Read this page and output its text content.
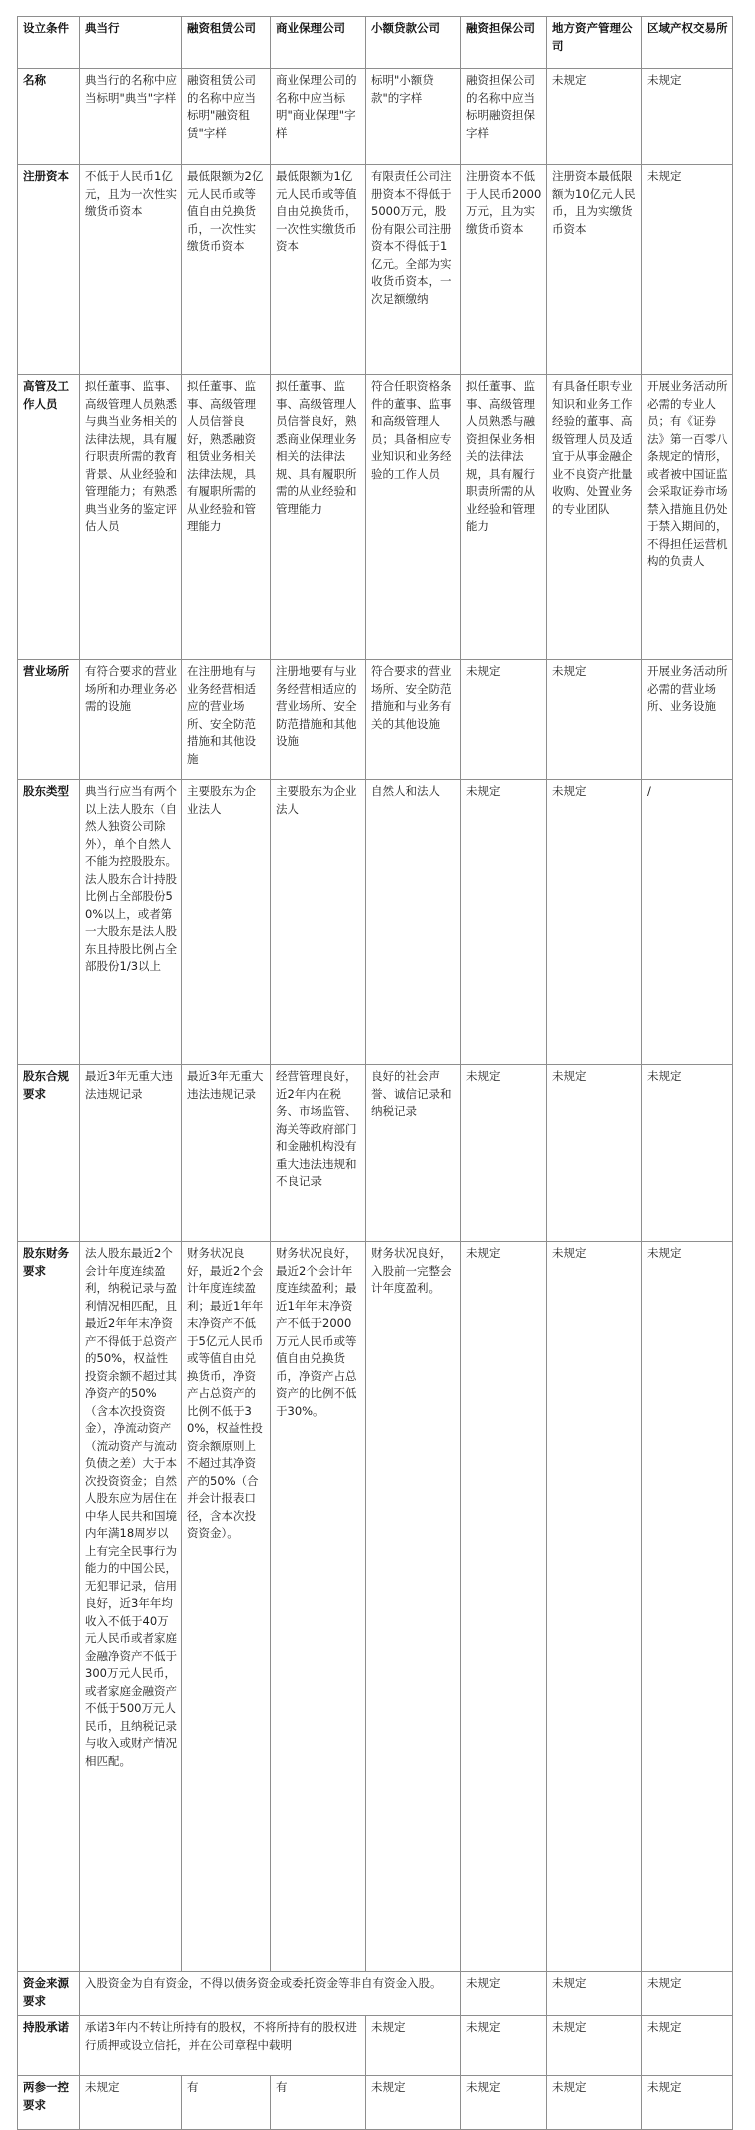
设立条件	典当行	融资租赁公司	商业保理公司	小额贷款公司	融资担保公司	地方资产管理公司	区域产权交易所
名称	典当行的名称中应当标明"典当"字样	融资租赁公司的名称中应当标明"融资租赁"字样	商业保理公司的名称中应当标明"商业保理"字样	标明"小额贷款"的字样	融资担保公司的名称中应当标明融资担保字样	未规定	未规定
注册资本	不低于人民币1亿元，且为一次性实缴货币资本	最低限额为2亿元人民币或等值自由兑换货币，一次性实缴货币资本	最低限额为1亿元人民币或等值自由兑换货币，一次性实缴货币资本	有限责任公司注册资本不得低于5000万元，股份有限公司注册资本不得低于1亿元。全部为实收货币资本，一次足额缴纳	注册资本不低于人民币2000万元，且为实缴货币资本	注册资本最低限额为10亿元人民币，且为实缴货币资本	未规定
高管及工作人员	拟任董事、监事、高级管理人员熟悉与典当业务相关的法律法规，具有履行职责所需的教育背景、从业经验和管理能力；有熟悉典当业务的鉴定评估人员	拟任董事、监事、高级管理人员信誉良好，熟悉融资租赁业务相关法律法规，具有履职所需的从业经验和管理能力	拟任董事、监事、高级管理人员信誉良好，熟悉商业保理业务相关的法律法规、具有履职所需的从业经验和管理能力	符合任职资格条件的董事、监事和高级管理人员；具备相应专业知识和业务经验的工作人员	拟任董事、监事、高级管理人员熟悉与融资担保业务相关的法律法规，具有履行职责所需的从业经验和管理能力	有具备任职专业知识和业务工作经验的董事、高级管理人员及适宜于从事金融企业不良资产批量收购、处置业务的专业团队	开展业务活动所必需的专业人员；有《证券法》第一百零八条规定的情形，或者被中国证监会采取证券市场禁入措施且仍处于禁入期间的，不得担任运营机构的负责人
营业场所	有符合要求的营业场所和办理业务必需的设施	在注册地有与业务经营相适应的营业场所、安全防范措施和其他设施	注册地要有与业务经营相适应的营业场所、安全防范措施和其他设施	符合要求的营业场所、安全防范措施和与业务有关的其他设施	未规定	未规定	开展业务活动所必需的营业场所、业务设施
股东类型	典当行应当有两个以上法人股东（自然人独资公司除外），单个自然人不能为控股股东。法人股东合计持股比例占全部股份50%以上，或者第一大股东是法人股东且持股比例占全部股份1/3以上	主要股东为企业法人	主要股东为企业法人	自然人和法人	未规定	未规定	/
股东合规要求	最近3年无重大违法违规记录	最近3年无重大违法违规记录	经营管理良好，近2年内在税务、市场监管、海关等政府部门和金融机构没有重大违法违规和不良记录	良好的社会声誉、诚信记录和纳税记录	未规定	未规定	未规定
股东财务要求	法人股东最近2个会计年度连续盈利，纳税记录与盈利情况相匹配，且最近2年年末净资产不得低于总资产的50%，权益性投资余额不超过其净资产的50%（含本次投资资金），净流动资产（流动资产与流动负债之差）大于本次投资资金；自然人股东应为居住在中华人民共和国境内年满18周岁以上有完全民事行为能力的中国公民，无犯罪记录，信用良好，近3年年均收入不低于40万元人民币或者家庭金融净资产不低于300万元人民币，或者家庭金融资产不低于500万元人民币，且纳税记录与收入或财产情况相匹配。	财务状况良好，最近2个会计年度连续盈利；最近1年年末净资产不低于5亿元人民币或等值自由兑换货币，净资产占总资产的比例不低于30%，权益性投资余额原则上不超过其净资产的50%（合并会计报表口径，含本次投资资金）。	财务状况良好，最近2个会计年度连续盈利；最近1年年末净资产不低于2000万元人民币或等值自由兑换货币，净资产占总资产的比例不低于30%。	财务状况良好，入股前一完整会计年度盈利。	未规定	未规定	未规定
资金来源要求	入股资金为自有资金，不得以债务资金或委托资金等非自有资金入股。				未规定	未规定	未规定
持股承诺	承诺3年内不转让所持有的股权，不将所持有的股权进行质押或设立信托，并在公司章程中载明			未规定	未规定	未规定	未规定
两参一控要求	未规定	有	有	未规定	未规定	未规定	未规定
